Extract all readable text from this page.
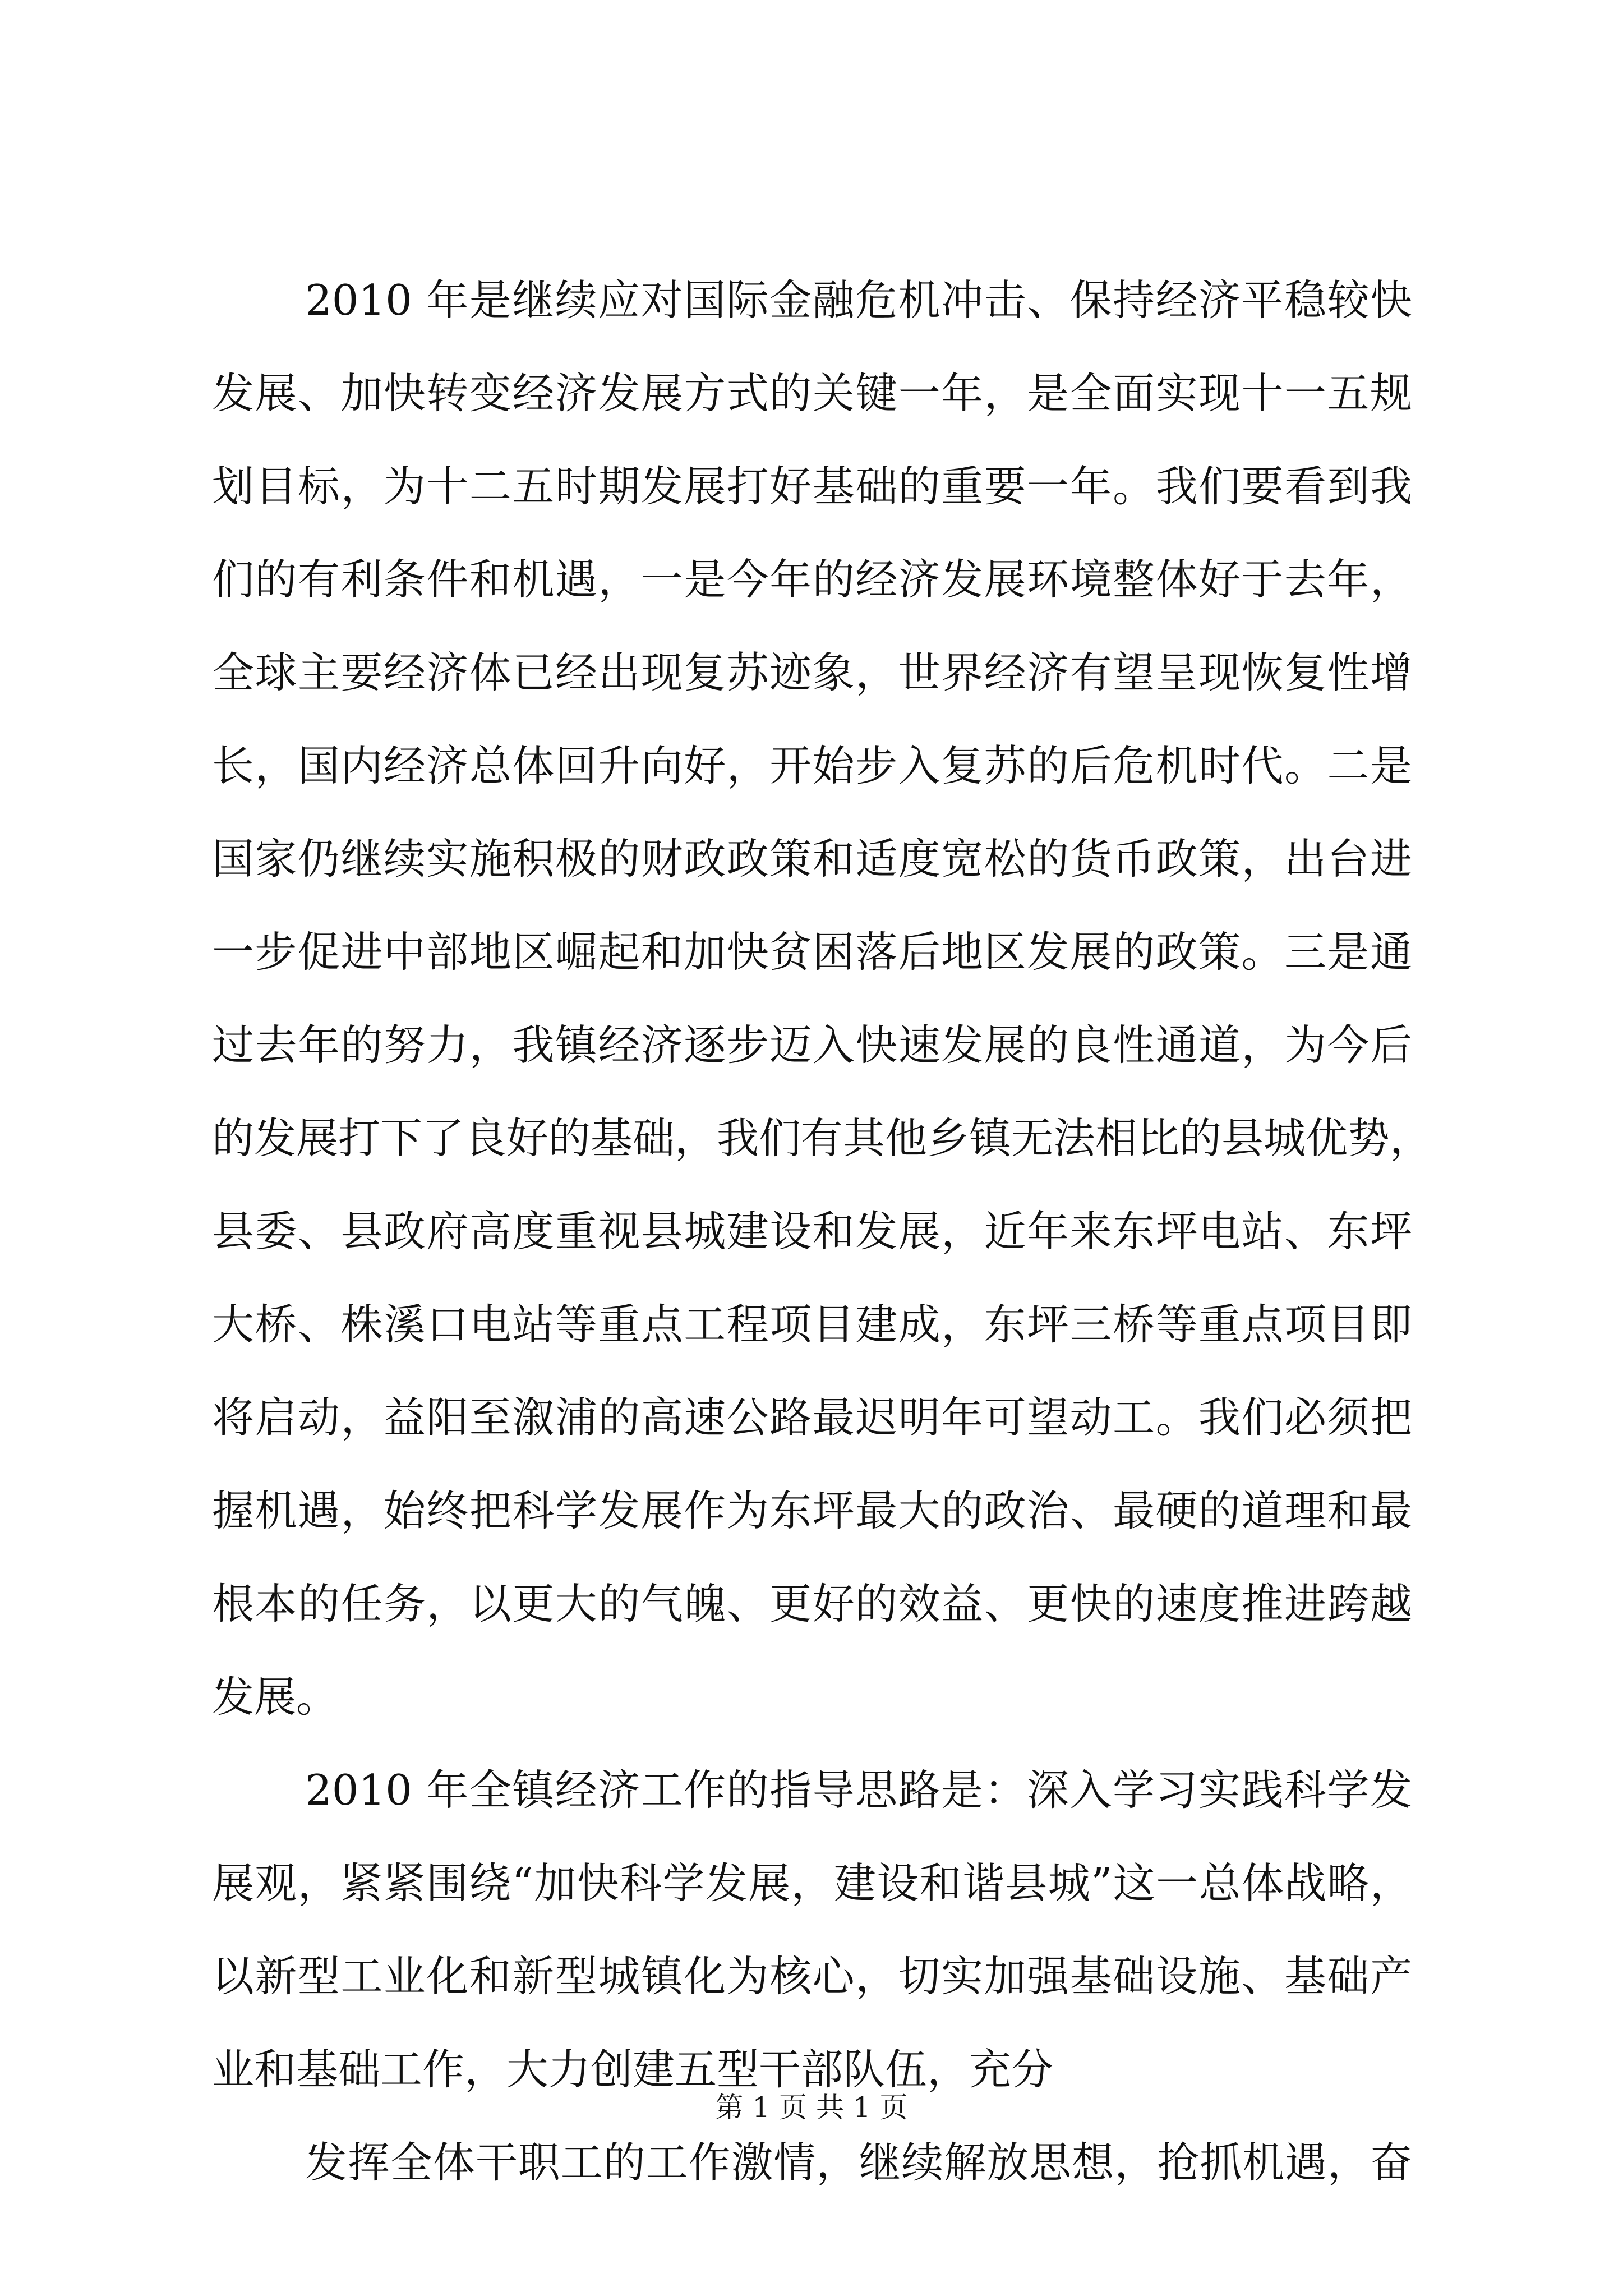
2010 年是继续应对国际金融危机冲击、保持经济平稳较快
发展、加快转变经济发展方式的关键一年，是全面实现十一五规
划目标，为十二五时期发展打好基础的重要一年。我们要看到我
们的有利条件和机遇，一是今年的经济发展环境整体好于去年，
全球主要经济体已经出现复苏迹象，世界经济有望呈现恢复性增
长，国内经济总体回升向好，开始步入复苏的后危机时代。二是
国家仍继续实施积极的财政政策和适度宽松的货币政策，出台进
一步促进中部地区崛起和加快贫困落后地区发展的政策。三是通
过去年的努力，我镇经济逐步迈入快速发展的良性通道，为今后
的发展打下了良好的基础，我们有其他乡镇无法相比的县城优势，
县委、县政府高度重视县城建设和发展，近年来东坪电站、东坪
大桥、株溪口电站等重点工程项目建成，东坪三桥等重点项目即
将启动，益阳至溆浦的高速公路最迟明年可望动工。我们必须把
握机遇，始终把科学发展作为东坪最大的政治、最硬的道理和最
根本的任务，以更大的气魄、更好的效益、更快的速度推进跨越
发展。
2010 年全镇经济工作的指导思路是：深入学习实践科学发
展观，紧紧围绕“加快科学发展，建设和谐县城”这一总体战略，
以新型工业化和新型城镇化为核心，切实加强基础设施、基础产
业和基础工作，大力创建五型干部队伍，充分
发挥全体干职工的工作激情，继续解放思想，抢抓机遇，奋
第 1 页 共 1 页
